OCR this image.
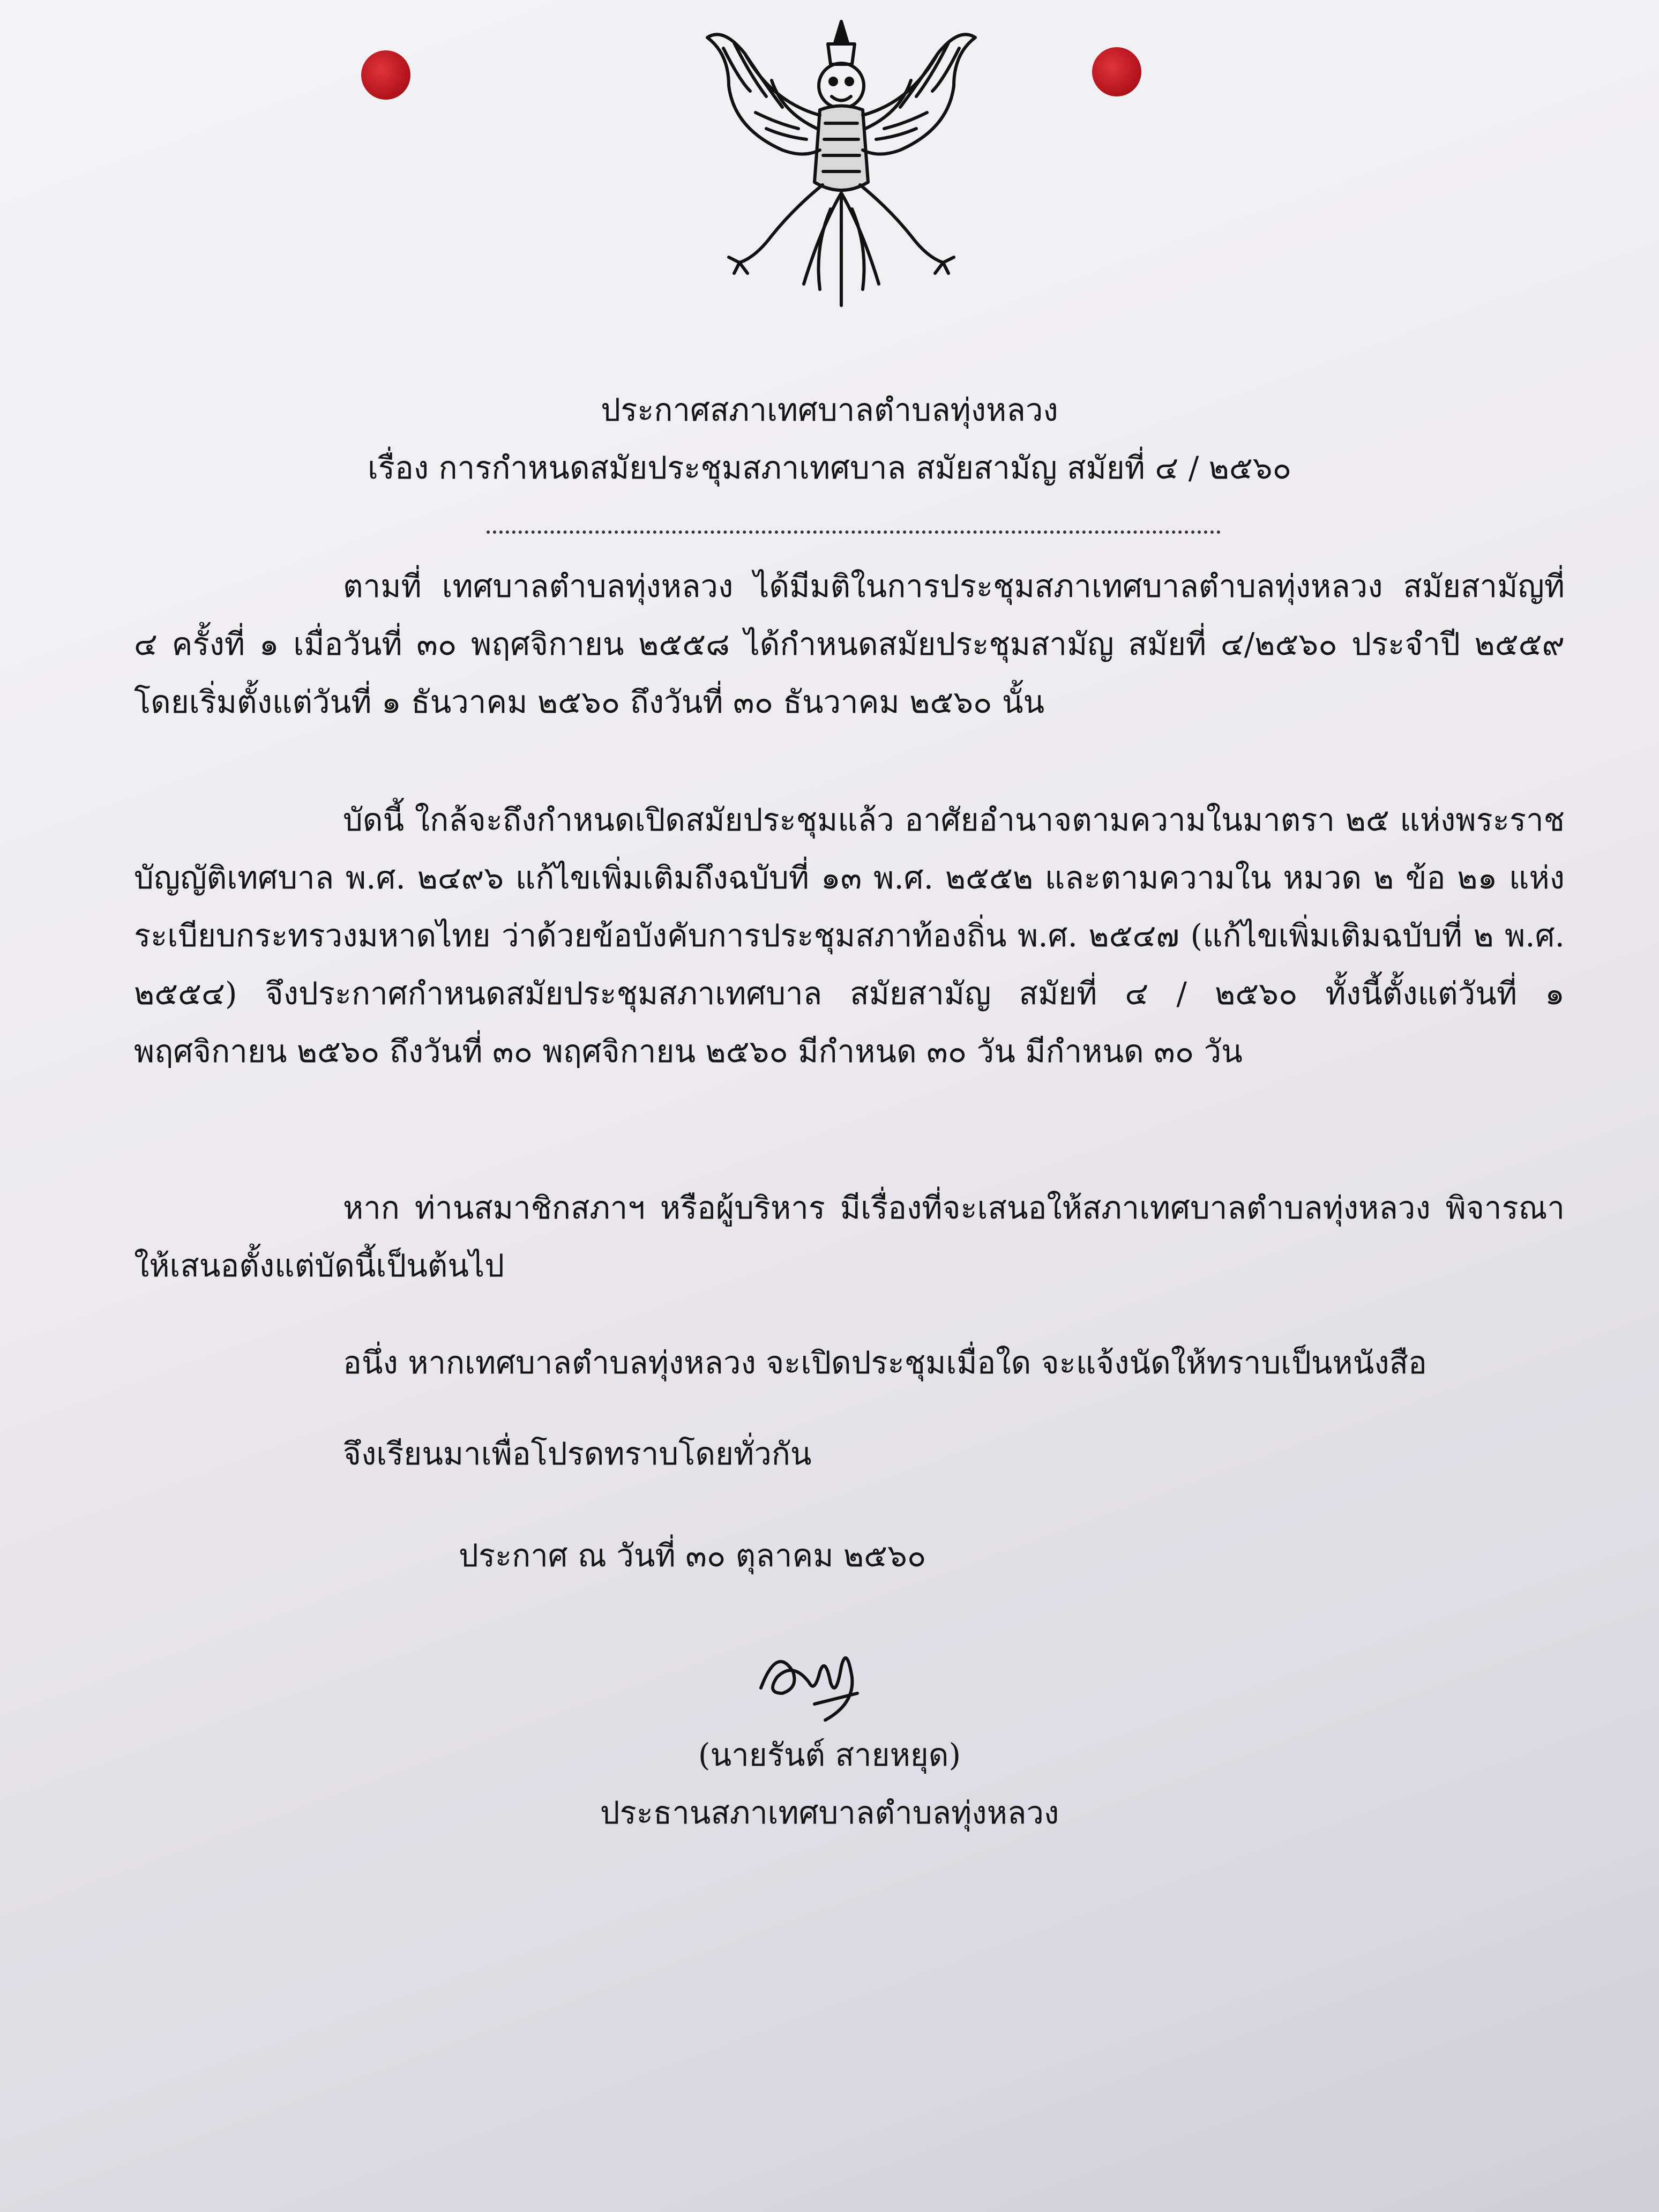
ประกาศสภาเทศบาลตำบลทุ่งหลวง
เรื่อง การกำหนดสมัยประชุมสภาเทศบาล สมัยสามัญ สมัยที่ ๔ / ๒๕๖๐
ตามที่ เทศบาลตำบลทุ่งหลวง ได้มีมติในการประชุมสภาเทศบาลตำบลทุ่งหลวง สมัยสามัญที่ ๔ ครั้งที่ ๑ เมื่อวันที่ ๓๐ พฤศจิกายน ๒๕๕๘ ได้กำหนดสมัยประชุมสามัญ สมัยที่ ๔/๒๕๖๐ ประจำปี ๒๕๕๙ โดยเริ่มตั้งแต่วันที่ ๑ ธันวาคม ๒๕๖๐ ถึงวันที่ ๓๐ ธันวาคม ๒๕๖๐ นั้น
บัดนี้ ใกล้จะถึงกำหนดเปิดสมัยประชุมแล้ว อาศัยอำนาจตามความในมาตรา ๒๕ แห่งพระราชบัญญัติเทศบาล พ.ศ. ๒๔๙๖ แก้ไขเพิ่มเติมถึงฉบับที่ ๑๓ พ.ศ. ๒๕๕๒ และตามความใน หมวด ๒ ข้อ ๒๑ แห่งระเบียบกระทรวงมหาดไทย ว่าด้วยข้อบังคับการประชุมสภาท้องถิ่น พ.ศ. ๒๕๔๗ (แก้ไขเพิ่มเติมฉบับที่ ๒ พ.ศ. ๒๕๕๔) จึงประกาศกำหนดสมัยประชุมสภาเทศบาล สมัยสามัญ สมัยที่ ๔ / ๒๕๖๐ ทั้งนี้ตั้งแต่วันที่ ๑ พฤศจิกายน ๒๕๖๐ ถึงวันที่ ๓๐ พฤศจิกายน ๒๕๖๐ มีกำหนด ๓๐ วัน มีกำหนด ๓๐ วัน
หาก ท่านสมาชิกสภาฯ หรือผู้บริหาร มีเรื่องที่จะเสนอให้สภาเทศบาลตำบลทุ่งหลวง พิจารณาให้เสนอตั้งแต่บัดนี้เป็นต้นไป
อนึ่ง หากเทศบาลตำบลทุ่งหลวง จะเปิดประชุมเมื่อใด จะแจ้งนัดให้ทราบเป็นหนังสือ
จึงเรียนมาเพื่อโปรดทราบโดยทั่วกัน
ประกาศ ณ วันที่ ๓๐ ตุลาคม ๒๕๖๐
(นายรันต์ สายหยุด)
ประธานสภาเทศบาลตำบลทุ่งหลวง
